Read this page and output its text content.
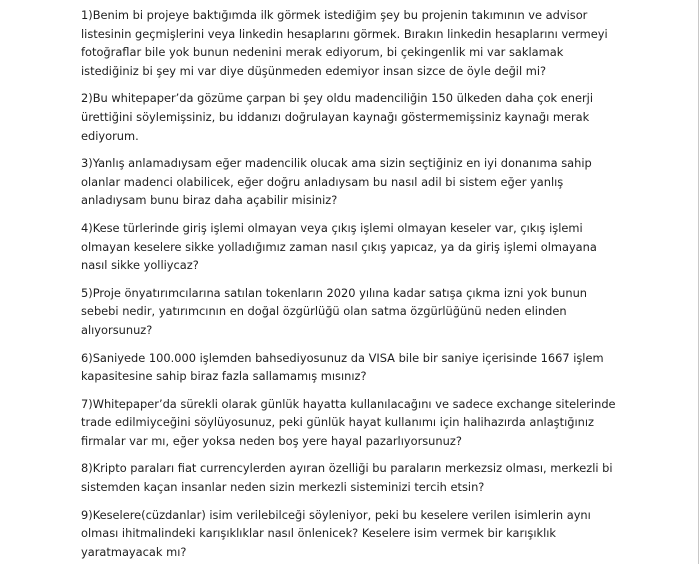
1)Benim bi projeye baktığımda ilk görmek istediğim şey bu projenin takımının ve advisor listesinin geçmişlerini veya linkedin hesaplarını görmek. Bırakın linkedin hesaplarını vermeyi fotoğraflar bile yok bunun nedenini merak ediyorum, bi çekingenlik mi var saklamak istediğiniz bi şey mi var diye düşünmeden edemiyor insan sizce de öyle değil mi?

2)Bu whitepaper’da gözüme çarpan bi şey oldu madenciliğin 150 ülkeden daha çok enerji ürettiğini söylemişsiniz, bu iddanızı doğrulayan kaynağı göstermemişsiniz kaynağı merak ediyorum.

3)Yanlış anlamadıysam eğer madencilik olucak ama sizin seçtiğiniz en iyi donanıma sahip olanlar madenci olabilicek, eğer doğru anladıysam bu nasıl adil bi sistem eğer yanlış anladıysam bunu biraz daha açabilir misiniz?

4)Kese türlerinde giriş işlemi olmayan veya çıkış işlemi olmayan keseler var, çıkış işlemi olmayan keselere sikke yolladığımız zaman nasıl çıkış yapıcaz, ya da giriş işlemi olmayana nasıl sikke yolliycaz?

5)Proje önyatırımcılarına satılan tokenların 2020 yılına kadar satışa çıkma izni yok bunun sebebi nedir, yatırımcının en doğal özgürlüğü olan satma özgürlüğünü neden elinden alıyorsunuz?

6)Saniyede 100.000 işlemden bahsediyosunuz da VISA bile bir saniye içerisinde 1667 işlem kapasitesine sahip biraz fazla sallamamış mısınız?

7)Whitepaper’da sürekli olarak günlük hayatta kullanılacağını ve sadece exchange sitelerinde trade edilmiyceğini söylüyosunuz, peki günlük hayat kullanımı için halihazırda anlaştığınız firmalar var mı, eğer yoksa neden boş yere hayal pazarlıyorsunuz?

8)Kripto paraları fiat currencylerden ayıran özelliği bu paraların merkezsiz olması, merkezli bi sistemden kaçan insanlar neden sizin merkezli sisteminizi tercih etsin?

9)Keselere(cüzdanlar) isim verilebilceği söyleniyor, peki bu keselere verilen isimlerin aynı olması ihitmalindeki karışıklıklar nasıl önlenicek? Keselere isim vermek bir karışıklık yaratmayacak mı?
